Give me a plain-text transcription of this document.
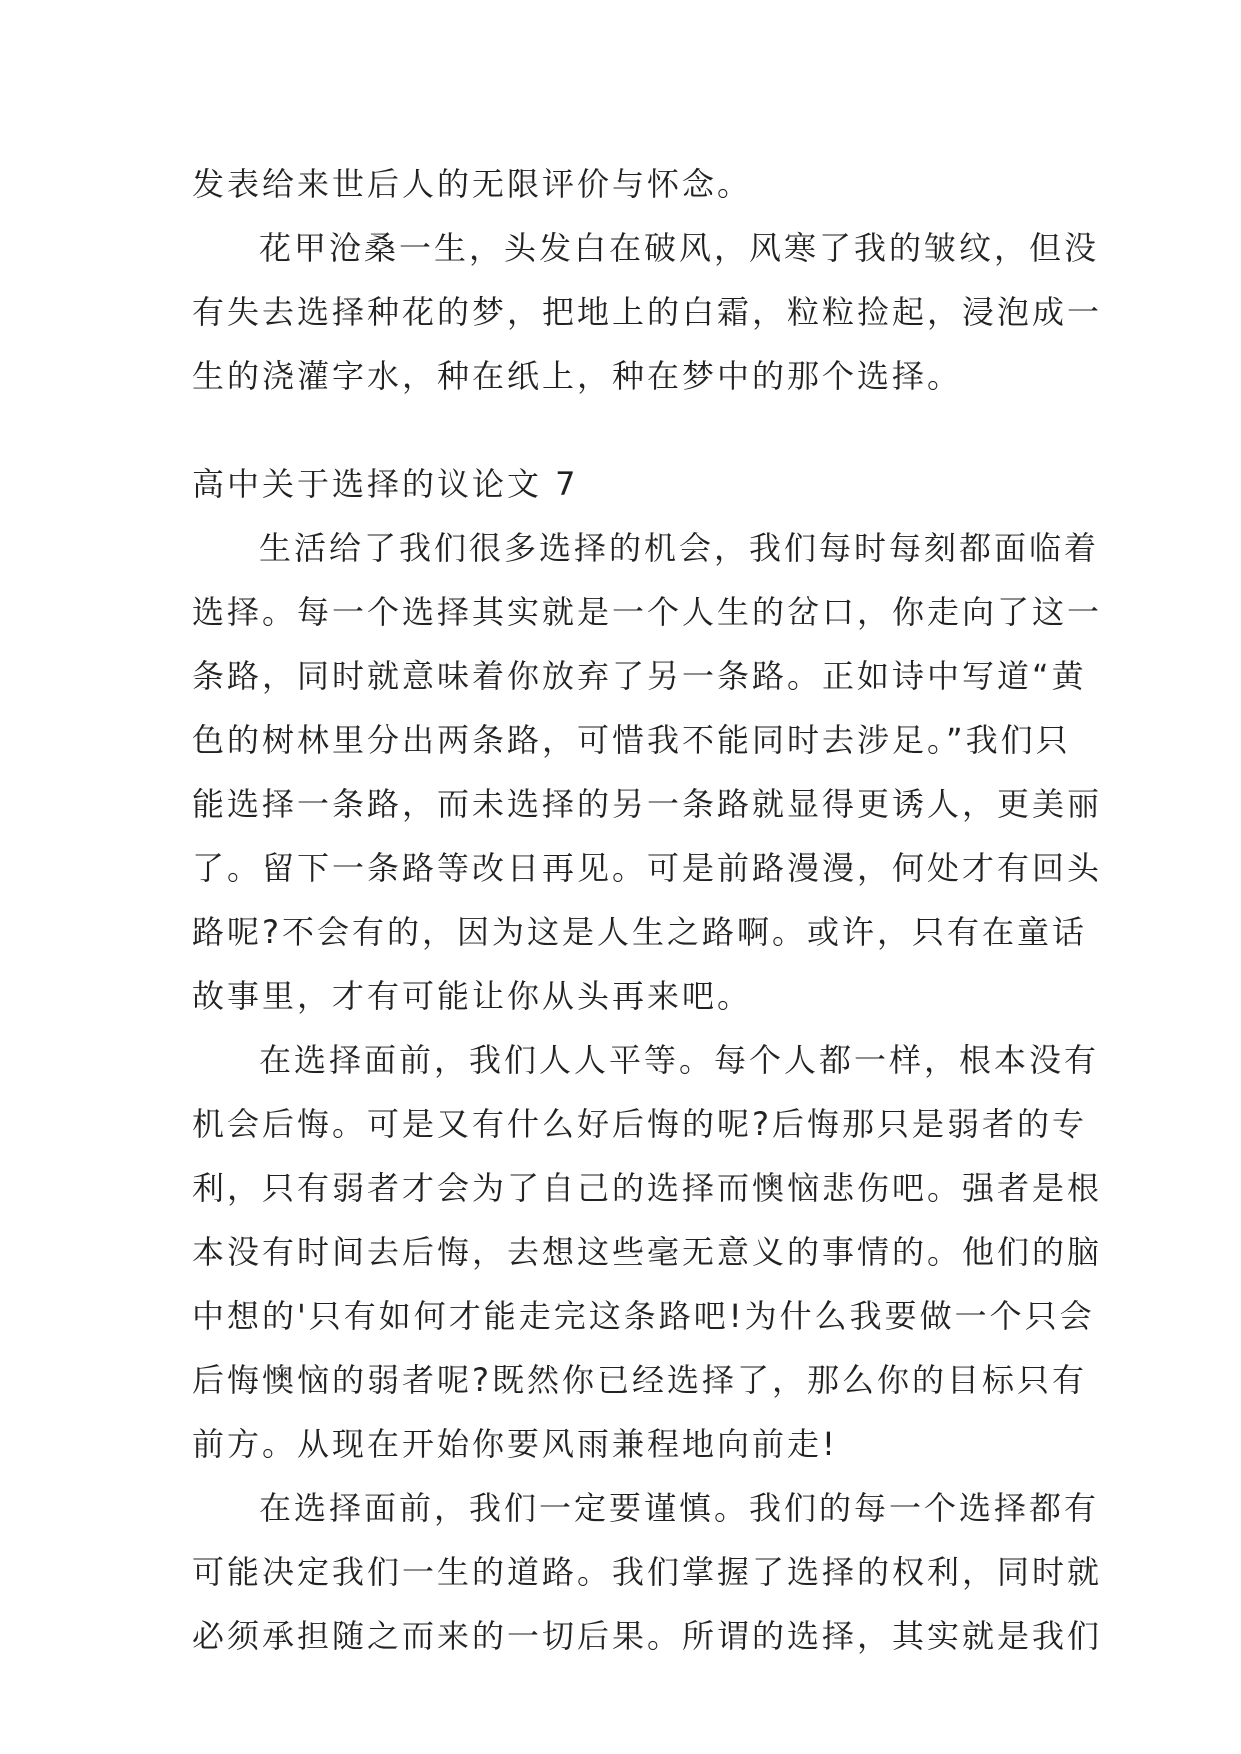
发表给来世后人的无限评价与怀念。
花甲沧桑一生，头发白在破风，风寒了我的皱纹，但没
有失去选择种花的梦，把地上的白霜，粒粒捡起，浸泡成一
生的浇灌字水，种在纸上，种在梦中的那个选择。
高中关于选择的议论文 7
生活给了我们很多选择的机会，我们每时每刻都面临着
选择。每一个选择其实就是一个人生的岔口，你走向了这一
条路，同时就意味着你放弃了另一条路。正如诗中写道“黄
色的树林里分出两条路，可惜我不能同时去涉足。”我们只
能选择一条路，而未选择的另一条路就显得更诱人，更美丽
了。留下一条路等改日再见。可是前路漫漫，何处才有回头
路呢?不会有的，因为这是人生之路啊。或许，只有在童话
故事里，才有可能让你从头再来吧。
在选择面前，我们人人平等。每个人都一样，根本没有
机会后悔。可是又有什么好后悔的呢?后悔那只是弱者的专
利，只有弱者才会为了自己的选择而懊恼悲伤吧。强者是根
本没有时间去后悔，去想这些毫无意义的事情的。他们的脑
中想的'只有如何才能走完这条路吧!为什么我要做一个只会
后悔懊恼的弱者呢?既然你已经选择了，那么你的目标只有
前方。从现在开始你要风雨兼程地向前走!
在选择面前，我们一定要谨慎。我们的每一个选择都有
可能决定我们一生的道路。我们掌握了选择的权利，同时就
必须承担随之而来的一切后果。所谓的选择，其实就是我们
